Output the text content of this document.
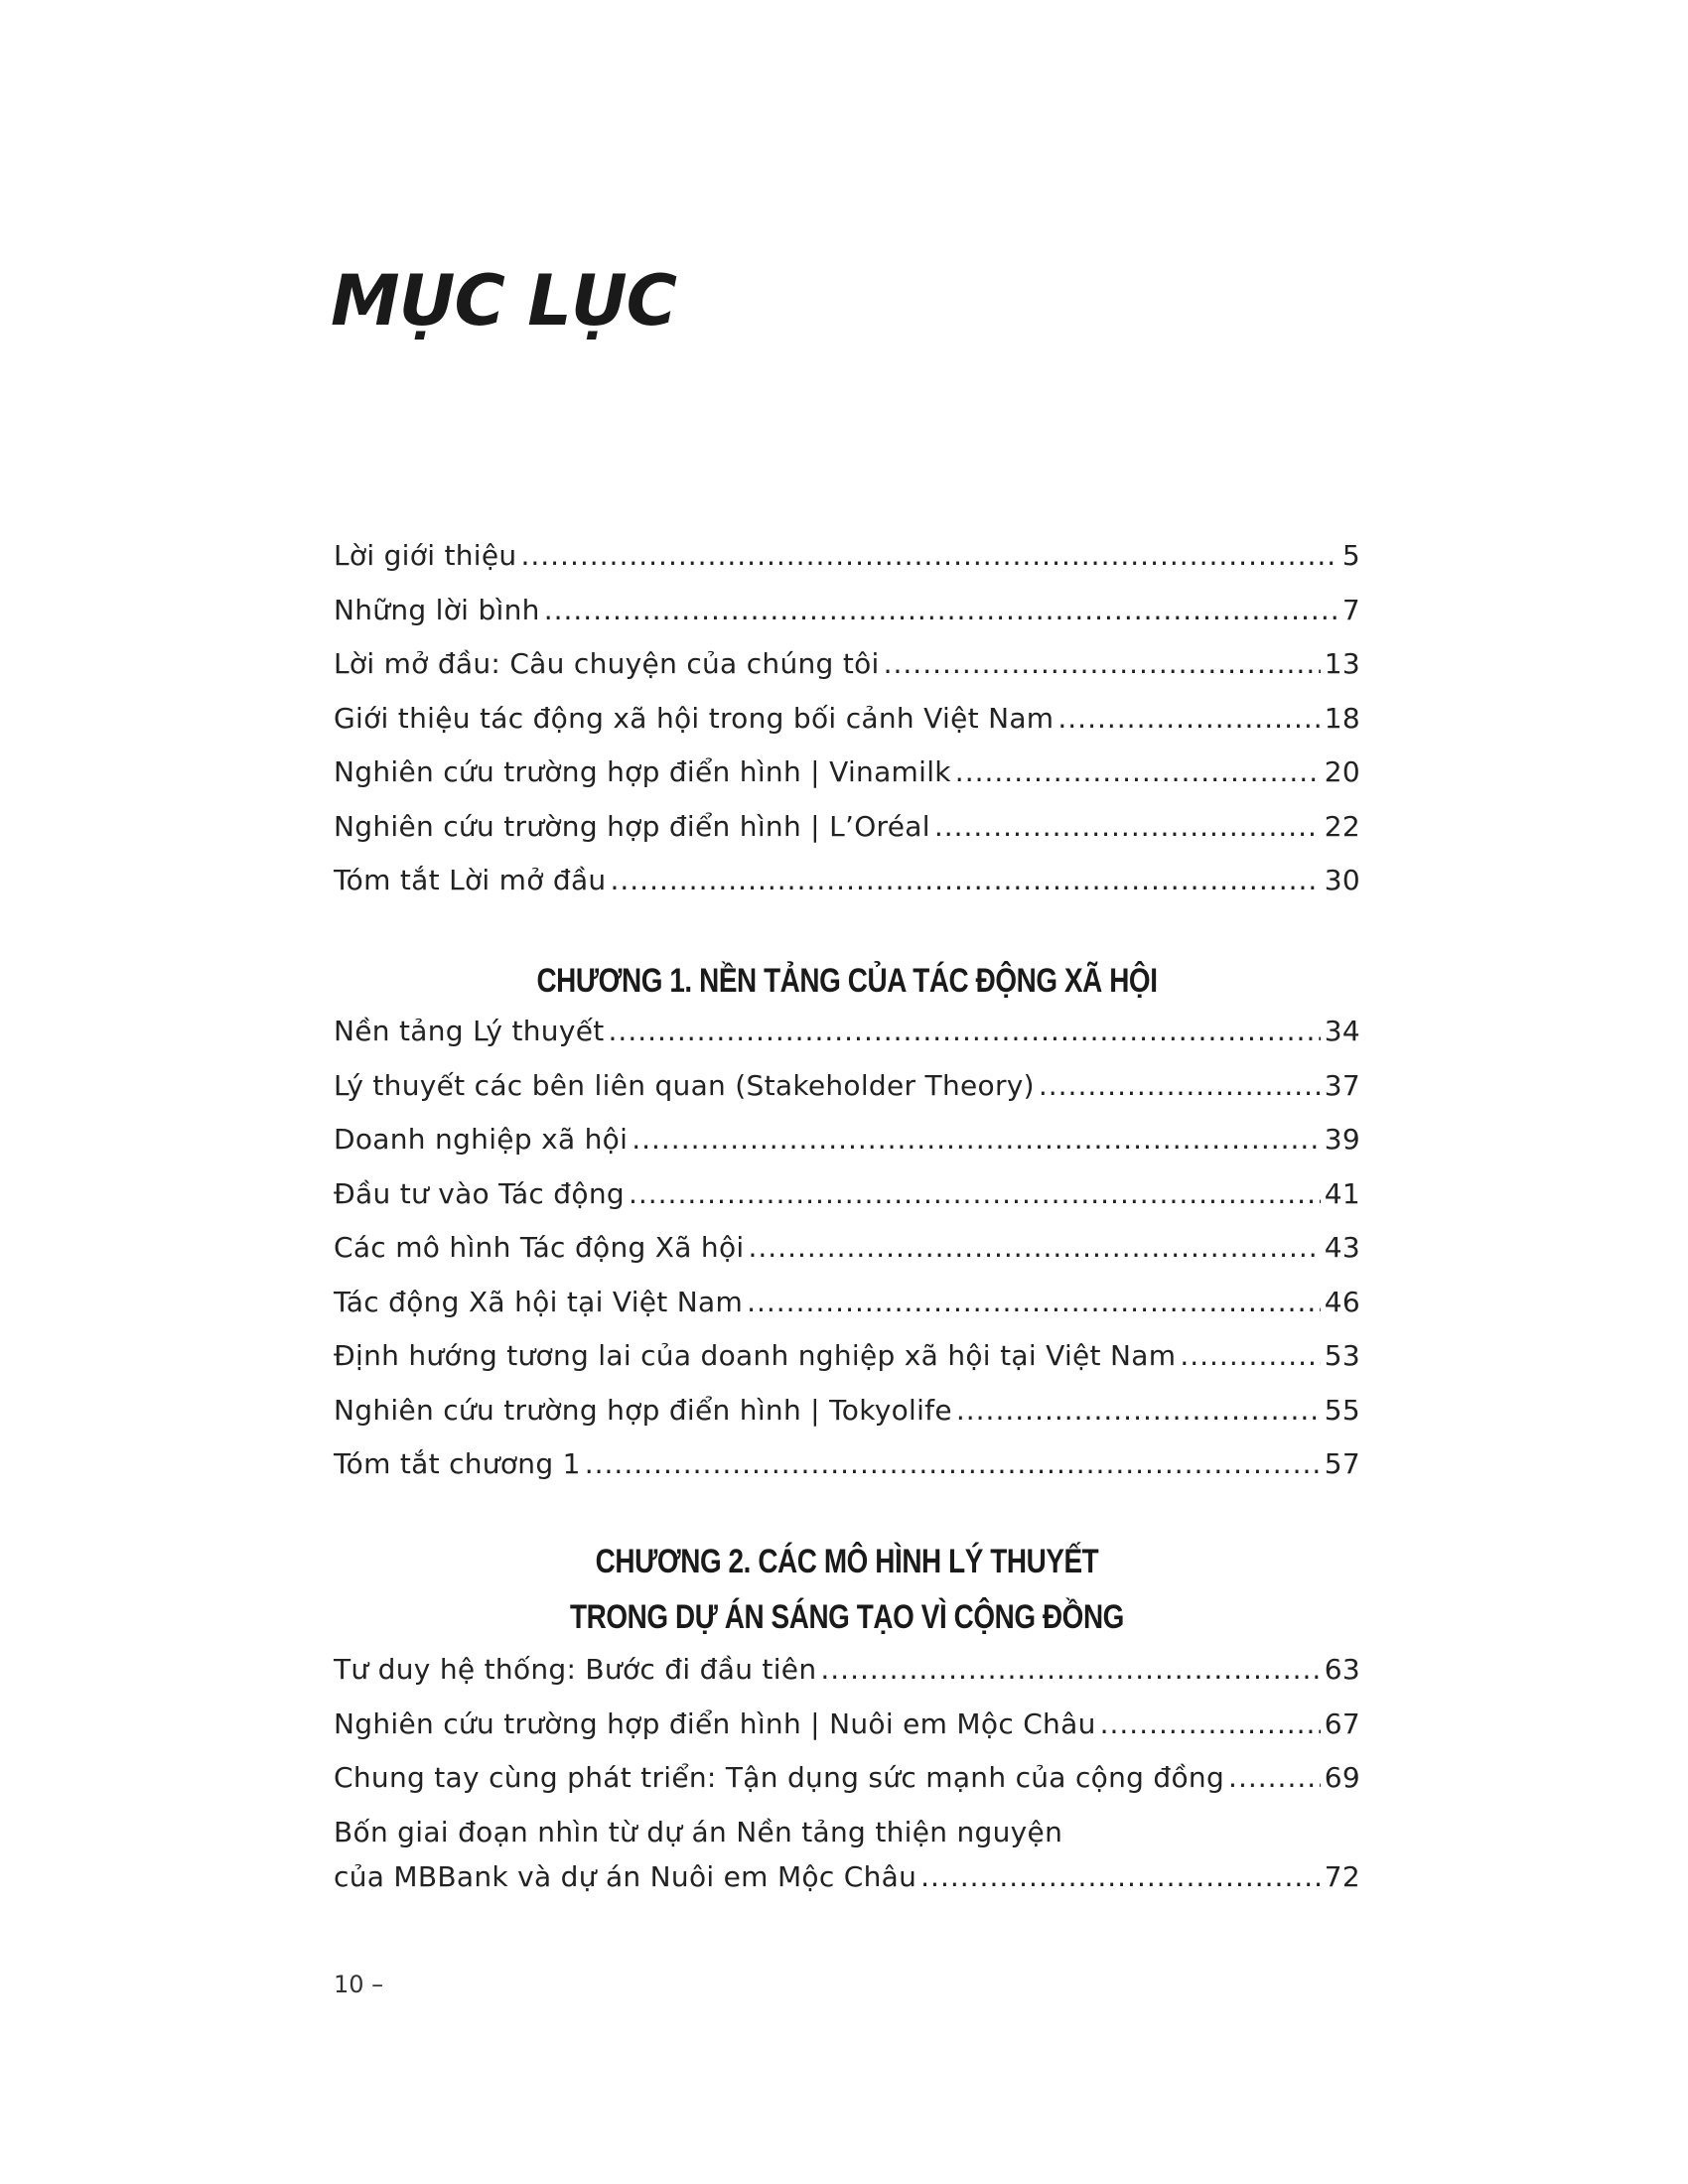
MỤC LỤC
Lời giới thiệu .....	5
Những lời bình .....	7
Lời mở đầu: Câu chuyện của chúng tôi .....	13
Giới thiệu tác động xã hội trong bối cảnh Việt Nam .....	18
Nghiên cứu trường hợp điển hình | Vinamilk .....	20
Nghiên cứu trường hợp điển hình | L’Oréal .....	22
Tóm tắt Lời mở đầu .....	30
CHƯƠNG 1. NỀN TẢNG CỦA TÁC ĐỘNG XÃ HỘI
Nền tảng Lý thuyết .....	34
Lý thuyết các bên liên quan (Stakeholder Theory) .....	37
Doanh nghiệp xã hội .....	39
Đầu tư vào Tác động .....	41
Các mô hình Tác động Xã hội .....	43
Tác động Xã hội tại Việt Nam .....	46
Định hướng tương lai của doanh nghiệp xã hội tại Việt Nam .....	53
Nghiên cứu trường hợp điển hình | Tokyolife .....	55
Tóm tắt chương 1 .....	57
CHƯƠNG 2. CÁC MÔ HÌNH LÝ THUYẾT
TRONG DỰ ÁN SÁNG TẠO VÌ CỘNG ĐỒNG
Tư duy hệ thống: Bước đi đầu tiên .....	63
Nghiên cứu trường hợp điển hình | Nuôi em Mộc Châu .....	67
Chung tay cùng phát triển: Tận dụng sức mạnh của cộng đồng .....	69
Bốn giai đoạn nhìn từ dự án Nền tảng thiện nguyện
của MBBank và dự án Nuôi em Mộc Châu .....	72
10 –
